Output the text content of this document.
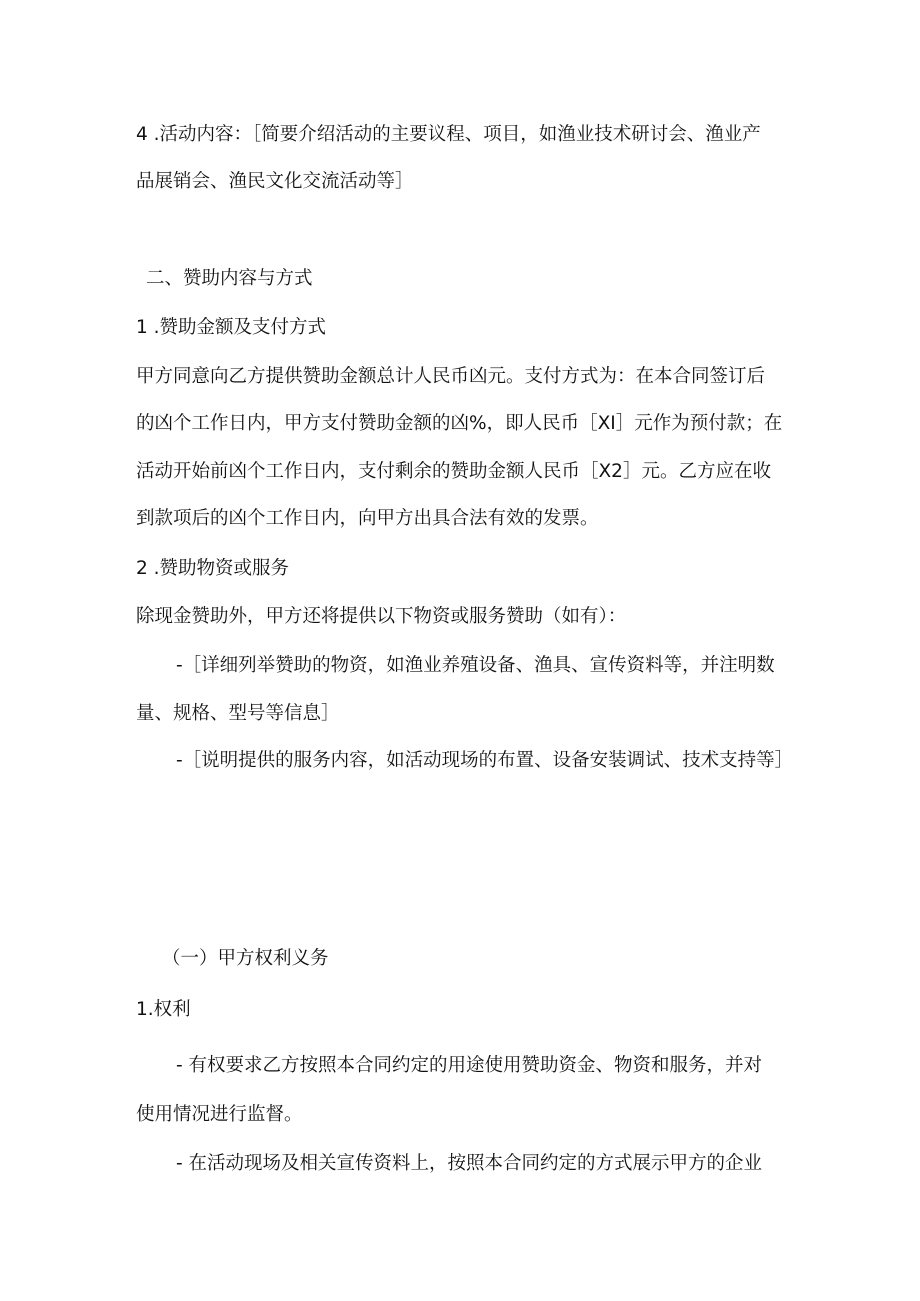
4 .活动内容：［简要介绍活动的主要议程、项目，如渔业技术研讨会、渔业产

品展销会、渔民文化交流活动等］

二、赞助内容与方式

1 .赞助金额及支付方式

甲方同意向乙方提供赞助金额总计人民币凶元。支付方式为：在本合同签订后

的凶个工作日内，甲方支付赞助金额的凶%，即人民币［XI］元作为预付款；在

活动开始前凶个工作日内，支付剩余的赞助金额人民币［X2］元。乙方应在收

到款项后的凶个工作日内，向甲方出具合法有效的发票。

2 .赞助物资或服务

除现金赞助外，甲方还将提供以下物资或服务赞助（如有）：

-［详细列举赞助的物资，如渔业养殖设备、渔具、宣传资料等，并注明数

量、规格、型号等信息］

-［说明提供的服务内容，如活动现场的布置、设备安装调试、技术支持等］

（一）甲方权利义务

1.权利

- 有权要求乙方按照本合同约定的用途使用赞助资金、物资和服务，并对

使用情况进行监督。

- 在活动现场及相关宣传资料上，按照本合同约定的方式展示甲方的企业
